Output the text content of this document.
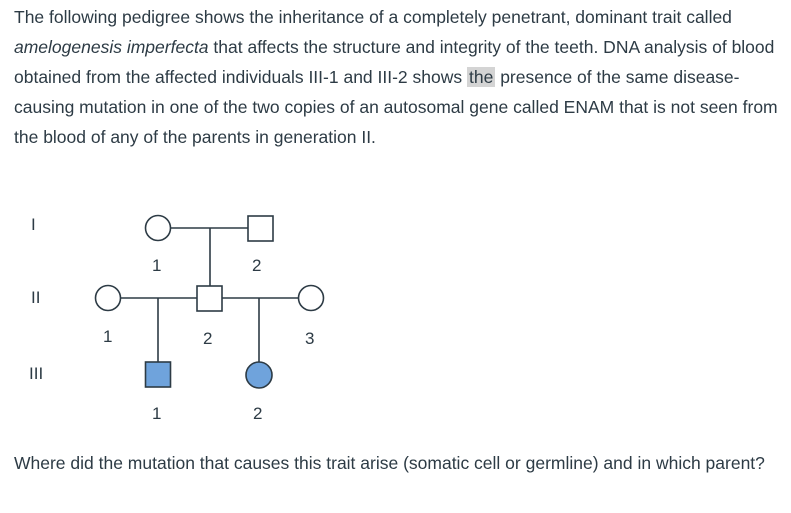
The following pedigree shows the inheritance of a completely penetrant, dominant trait called amelogenesis imperfecta that affects the structure and integrity of the teeth. DNA analysis of blood obtained from the affected individuals III-1 and III-2 shows the presence of the same disease-causing mutation in one of the two copies of an autosomal gene called ENAM that is not seen from the blood of any of the parents in generation II.

I
II
III
1	2
1	2	3
1	2

Where did the mutation that causes this trait arise (somatic cell or germline) and in which parent?
